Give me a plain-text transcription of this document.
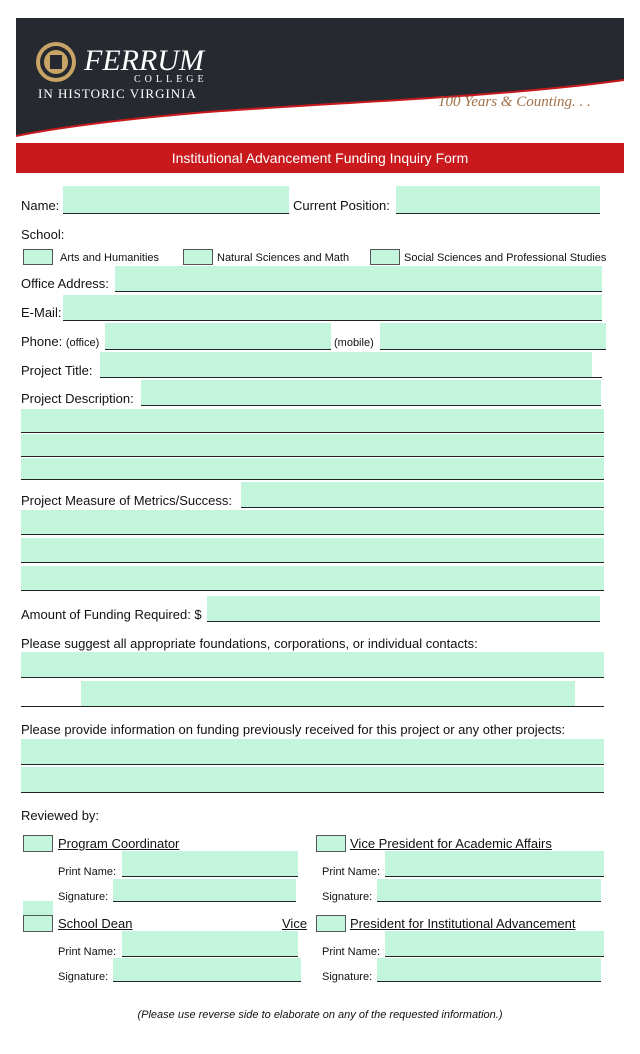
FERRUM
COLLEGE
IN HISTORIC VIRGINIA
100 Years & Counting. . .
Institutional Advancement Funding Inquiry Form
Name:	Current Position:
School:
Arts and Humanities	Natural Sciences and Math	Social Sciences and Professional Studies
Office Address:
E-Mail:
Phone: (office)	(mobile)
Project Title:
Project Description:
Project Measure of Metrics/Success:
Amount of Funding Required: $
Please suggest all appropriate foundations, corporations, or individual contacts:
Please provide information on funding previously received for this project or any other projects:
Reviewed by:
Program Coordinator
Print Name:
Signature:
Vice President for Academic Affairs
Print Name:
Signature:
School Dean	Vice
Print Name:
Signature:
President for Institutional Advancement
Print Name:
Signature:
(Please use reverse side to elaborate on any of the requested information.)
